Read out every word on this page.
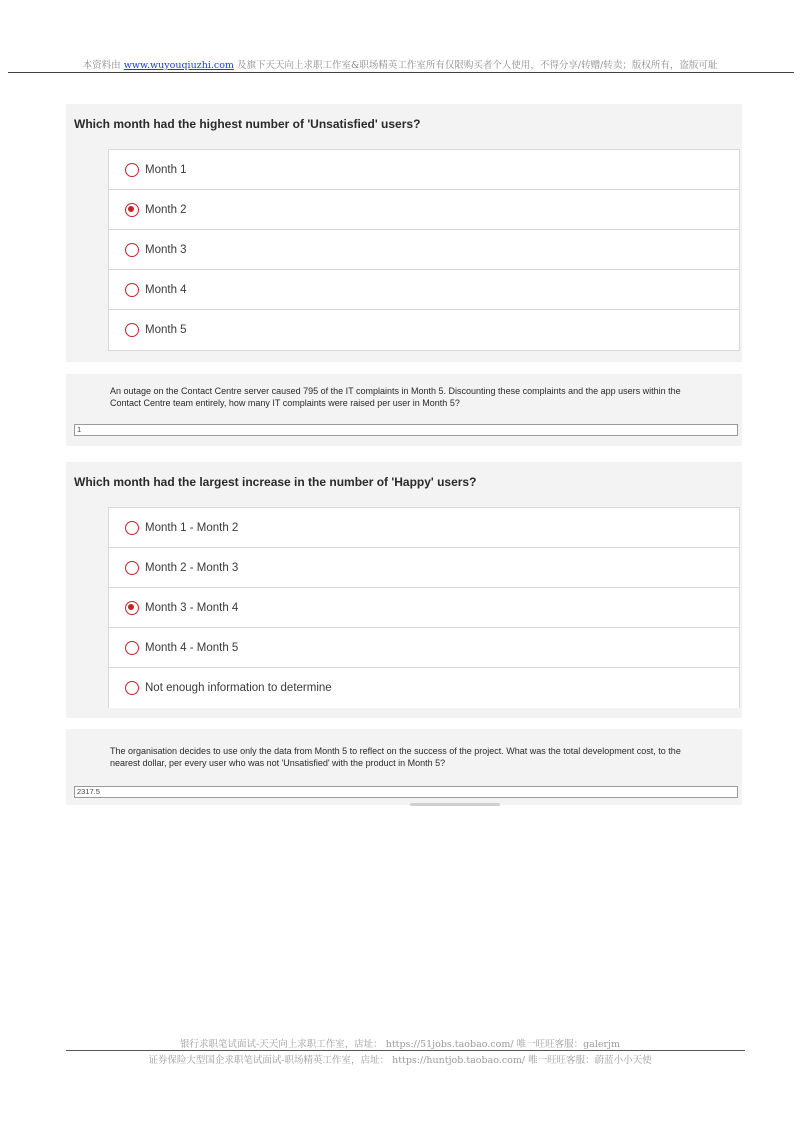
本资料由 www.wuyouqiuzhi.com 及旗下天天向上求职工作室&职场精英工作室所有仅限购买者个人使用，不得分享/转赠/转卖；版权所有，盗版可耻
Which month had the highest number of 'Unsatisfied' users?
Month 1
Month 2
Month 3
Month 4
Month 5
An outage on the Contact Centre server caused 795 of the IT complaints in Month 5. Discounting these complaints and the app users within the Contact Centre team entirely, how many IT complaints were raised per user in Month 5?
1
Which month had the largest increase in the number of 'Happy' users?
Month 1 - Month 2
Month 2 - Month 3
Month 3 - Month 4
Month 4 - Month 5
Not enough information to determine
The organisation decides to use only the data from Month 5 to reflect on the success of the project. What was the total development cost, to the nearest dollar, per every user who was not 'Unsatisfied' with the product in Month 5?
2317.5
银行求职笔试面试-天天向上求职工作室，店址： https://51jobs.taobao.com/ 唯一旺旺客服：galerjm
证券保险大型国企求职笔试面试-职场精英工作室，店址： https://huntjob.taobao.com/ 唯一旺旺客服：蔚蓝小小天使
